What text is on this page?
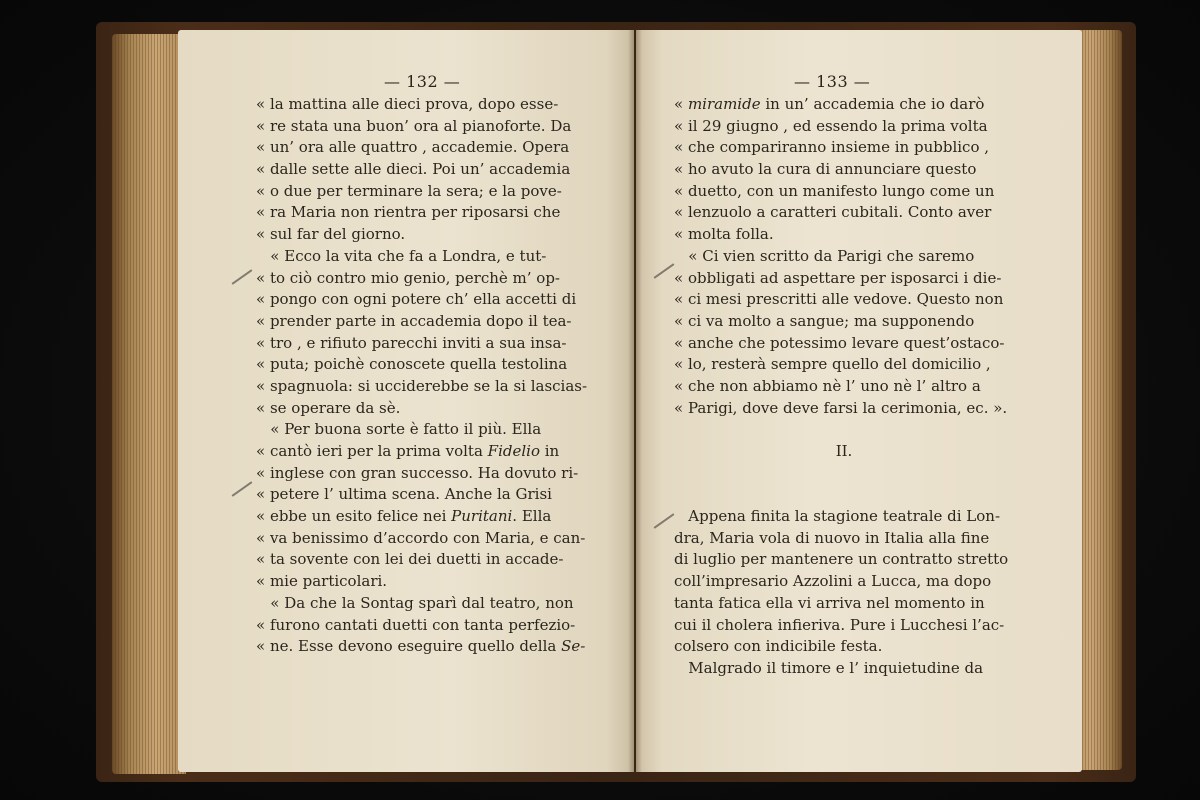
— 132 —
« la mattina alle dieci prova, dopo esse-
« re stata una buon’ ora al pianoforte. Da
« un’ ora alle quattro , accademie. Opera
« dalle sette alle dieci. Poi un’ accademia
« o due per terminare la sera; e la pove-
« ra Maria non rientra per riposarsi che
« sul far del giorno.
« Ecco la vita che fa a Londra, e tut-
« to ciò contro mio genio, perchè m’ op-
« pongo con ogni potere ch’ ella accetti di
« prender parte in accademia dopo il tea-
« tro , e rifiuto parecchi inviti a sua insa-
« puta; poichè conoscete quella testolina
« spagnuola: si ucciderebbe se la si lascias-
« se operare da sè.
« Per buona sorte è fatto il più. Ella
« cantò ieri per la prima volta Fidelio in
« inglese con gran successo. Ha dovuto ri-
« petere l’ ultima scena. Anche la Grisi
« ebbe un esito felice nei Puritani. Ella
« va benissimo d’accordo con Maria, e can-
« ta sovente con lei dei duetti in accade-
« mie particolari.
« Da che la Sontag sparì dal teatro, non
« furono cantati duetti con tanta perfezio-
« ne. Esse devono eseguire quello della Se-
— 133 —
« miramide in un’ accademia che io darò
« il 29 giugno , ed essendo la prima volta
« che compariranno insieme in pubblico ,
« ho avuto la cura di annunciare questo
« duetto, con un manifesto lungo come un
« lenzuolo a caratteri cubitali. Conto aver
« molta folla.
« Ci vien scritto da Parigi che saremo
« obbligati ad aspettare per isposarci i die-
« ci mesi prescritti alle vedove. Questo non
« ci va molto a sangue; ma supponendo
« anche che potessimo levare quest’ostaco-
« lo, resterà sempre quello del domicilio ,
« che non abbiamo nè l’ uno nè l’ altro a
« Parigi, dove deve farsi la cerimonia, ec. ».
II.
Appena finita la stagione teatrale di Lon-
dra, Maria vola di nuovo in Italia alla fine
di luglio per mantenere un contratto stretto
coll’impresario Azzolini a Lucca, ma dopo
tanta fatica ella vi arriva nel momento in
cui il cholera infieriva. Pure i Lucchesi l’ac-
colsero con indicibile festa.
Malgrado il timore e l’ inquietudine da
